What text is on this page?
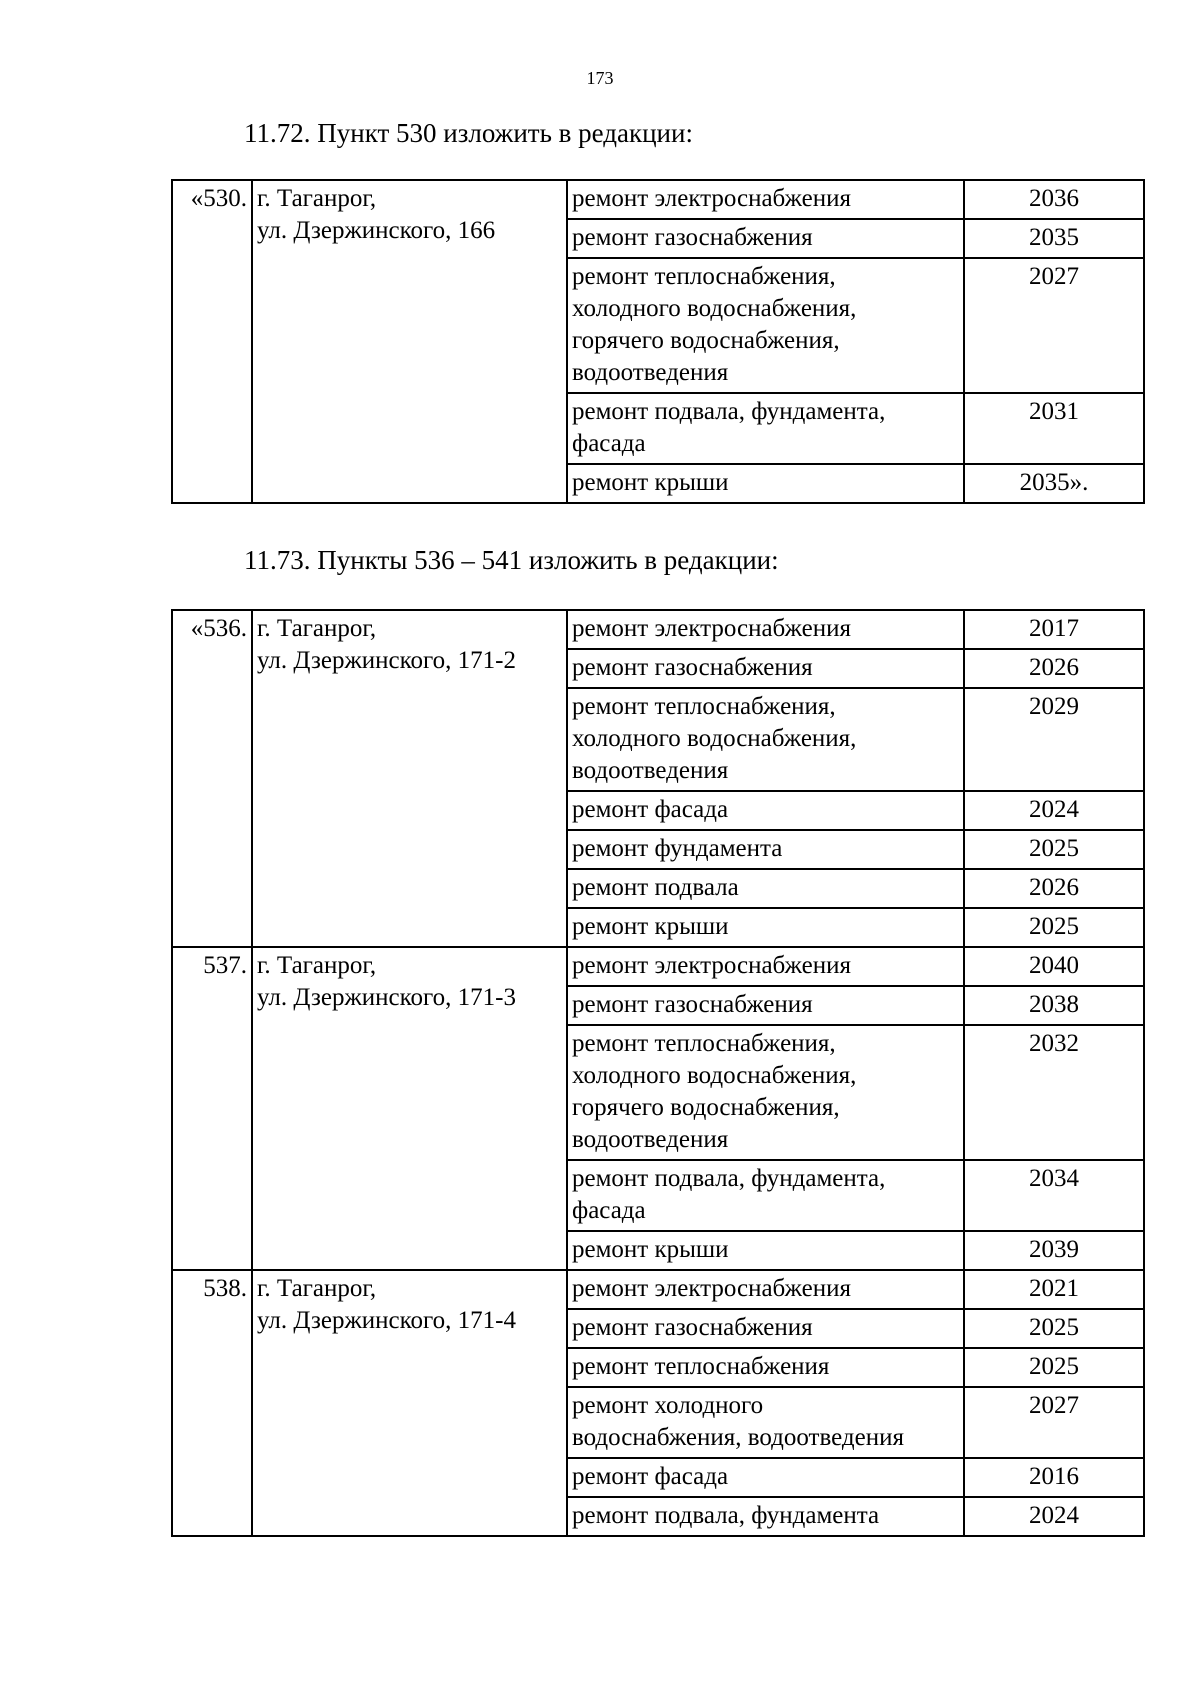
173
11.72. Пункт 530 изложить в редакции:
«530.	г. Таганрог,
ул. Дзержинского, 166	ремонт электроснабжения	2036

		ремонт газоснабжения	2035

		ремонт теплоснабжения,
холодного водоснабжения,
горячего водоснабжения,
водоотведения	2027

		ремонт подвала, фундамента,
фасада	2031

		ремонт крыши	2035».
11.73. Пункты 536 – 541 изложить в редакции:
«536.	г. Таганрог,
ул. Дзержинского, 171-2	ремонт электроснабжения	2017

		ремонт газоснабжения	2026

		ремонт теплоснабжения,
холодного водоснабжения,
водоотведения	2029

		ремонт фасада	2024

		ремонт фундамента	2025

		ремонт подвала	2026

		ремонт крыши	2025
537.	г. Таганрог,
ул. Дзержинского, 171-3	ремонт электроснабжения	2040

		ремонт газоснабжения	2038

		ремонт теплоснабжения,
холодного водоснабжения,
горячего водоснабжения,
водоотведения	2032

		ремонт подвала, фундамента,
фасада	2034

		ремонт крыши	2039
538.	г. Таганрог,
ул. Дзержинского, 171-4	ремонт электроснабжения	2021

		ремонт газоснабжения	2025

		ремонт теплоснабжения	2025

		ремонт холодного
водоснабжения, водоотведения	2027

		ремонт фасада	2016

		ремонт подвала, фундамента	2024
